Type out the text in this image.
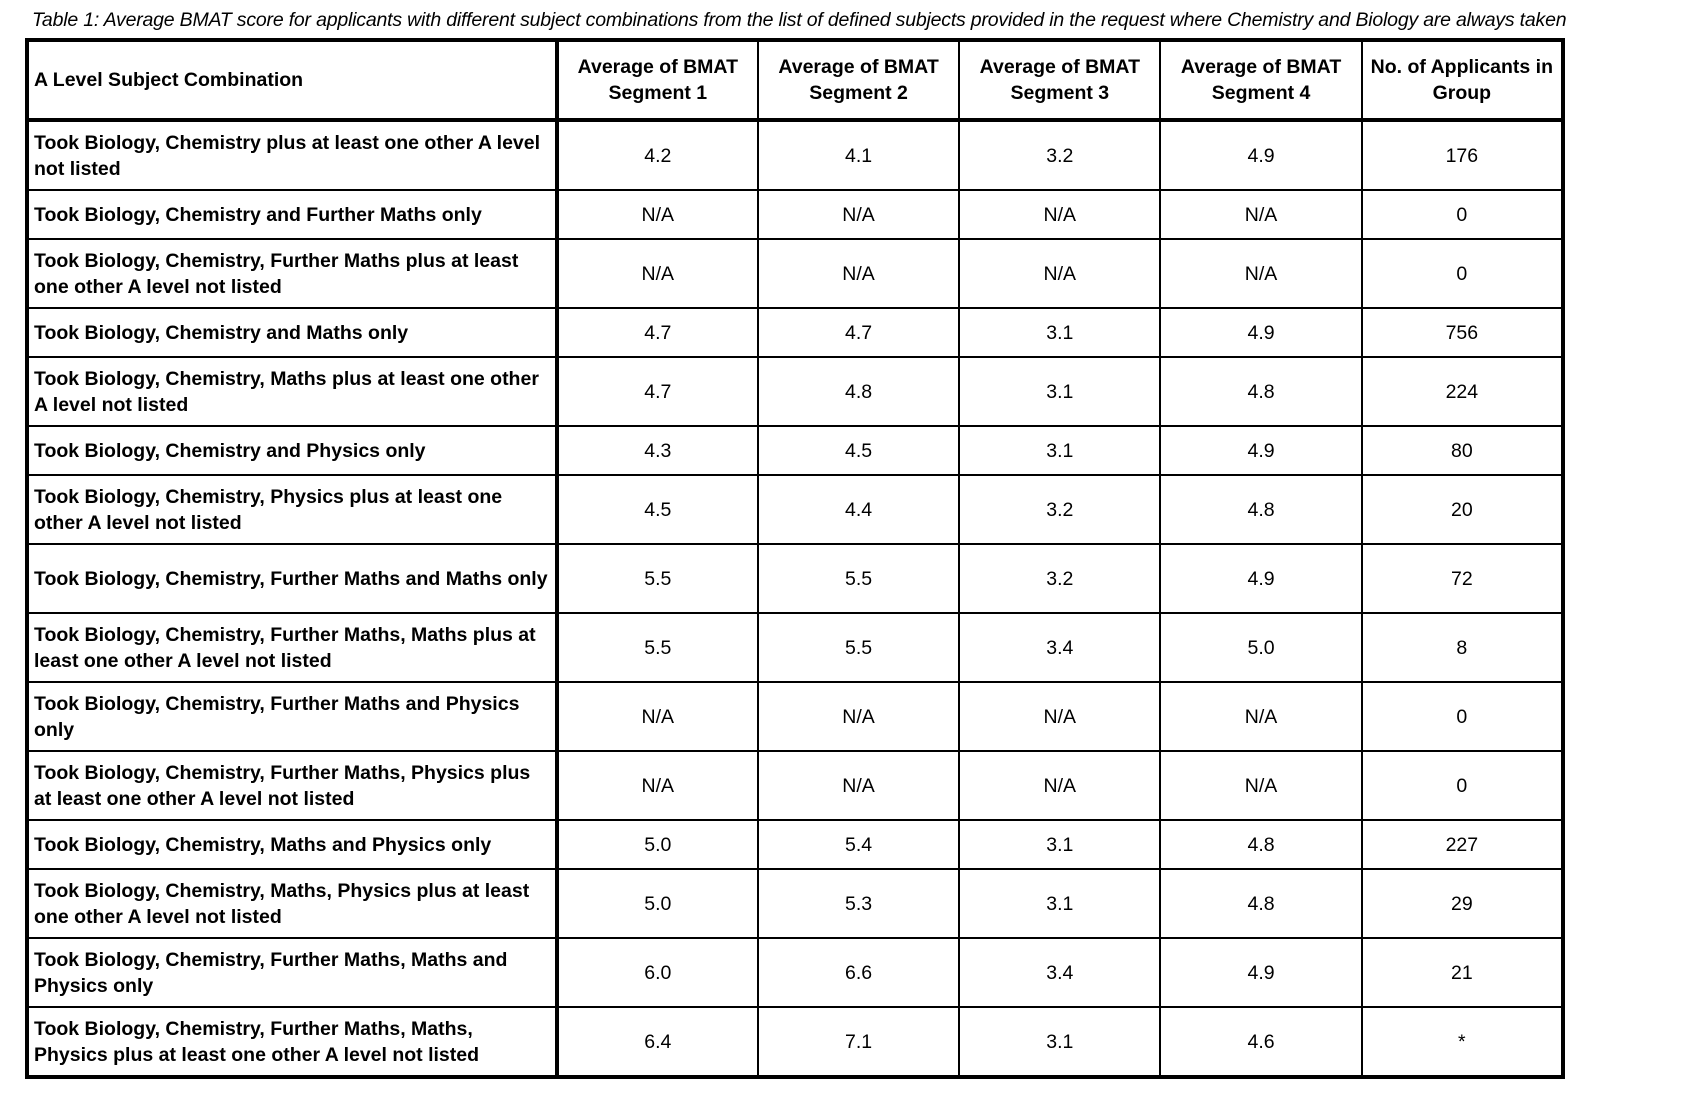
Table 1: Average BMAT score for applicants with different subject combinations from the list of defined subjects provided in the request where Chemistry and Biology are always taken
A Level Subject Combination	Average of BMAT Segment 1	Average of BMAT Segment 2	Average of BMAT Segment 3	Average of BMAT Segment 4	No. of Applicants in Group
Took Biology, Chemistry plus at least one other A level not listed	4.2	4.1	3.2	4.9	176
Took Biology, Chemistry and Further Maths only	N/A	N/A	N/A	N/A	0
Took Biology, Chemistry, Further Maths plus at least one other A level not listed	N/A	N/A	N/A	N/A	0
Took Biology, Chemistry and Maths only	4.7	4.7	3.1	4.9	756
Took Biology, Chemistry, Maths plus at least one other A level not listed	4.7	4.8	3.1	4.8	224
Took Biology, Chemistry and Physics only	4.3	4.5	3.1	4.9	80
Took Biology, Chemistry, Physics plus at least one other A level not listed	4.5	4.4	3.2	4.8	20
Took Biology, Chemistry, Further Maths and Maths only	5.5	5.5	3.2	4.9	72
Took Biology, Chemistry, Further Maths, Maths plus at least one other A level not listed	5.5	5.5	3.4	5.0	8
Took Biology, Chemistry, Further Maths and Physics only	N/A	N/A	N/A	N/A	0
Took Biology, Chemistry, Further Maths, Physics plus at least one other A level not listed	N/A	N/A	N/A	N/A	0
Took Biology, Chemistry, Maths and Physics only	5.0	5.4	3.1	4.8	227
Took Biology, Chemistry, Maths, Physics plus at least one other A level not listed	5.0	5.3	3.1	4.8	29
Took Biology, Chemistry, Further Maths, Maths and Physics only	6.0	6.6	3.4	4.9	21
Took Biology, Chemistry, Further Maths, Maths, Physics plus at least one other A level not listed	6.4	7.1	3.1	4.6	*
